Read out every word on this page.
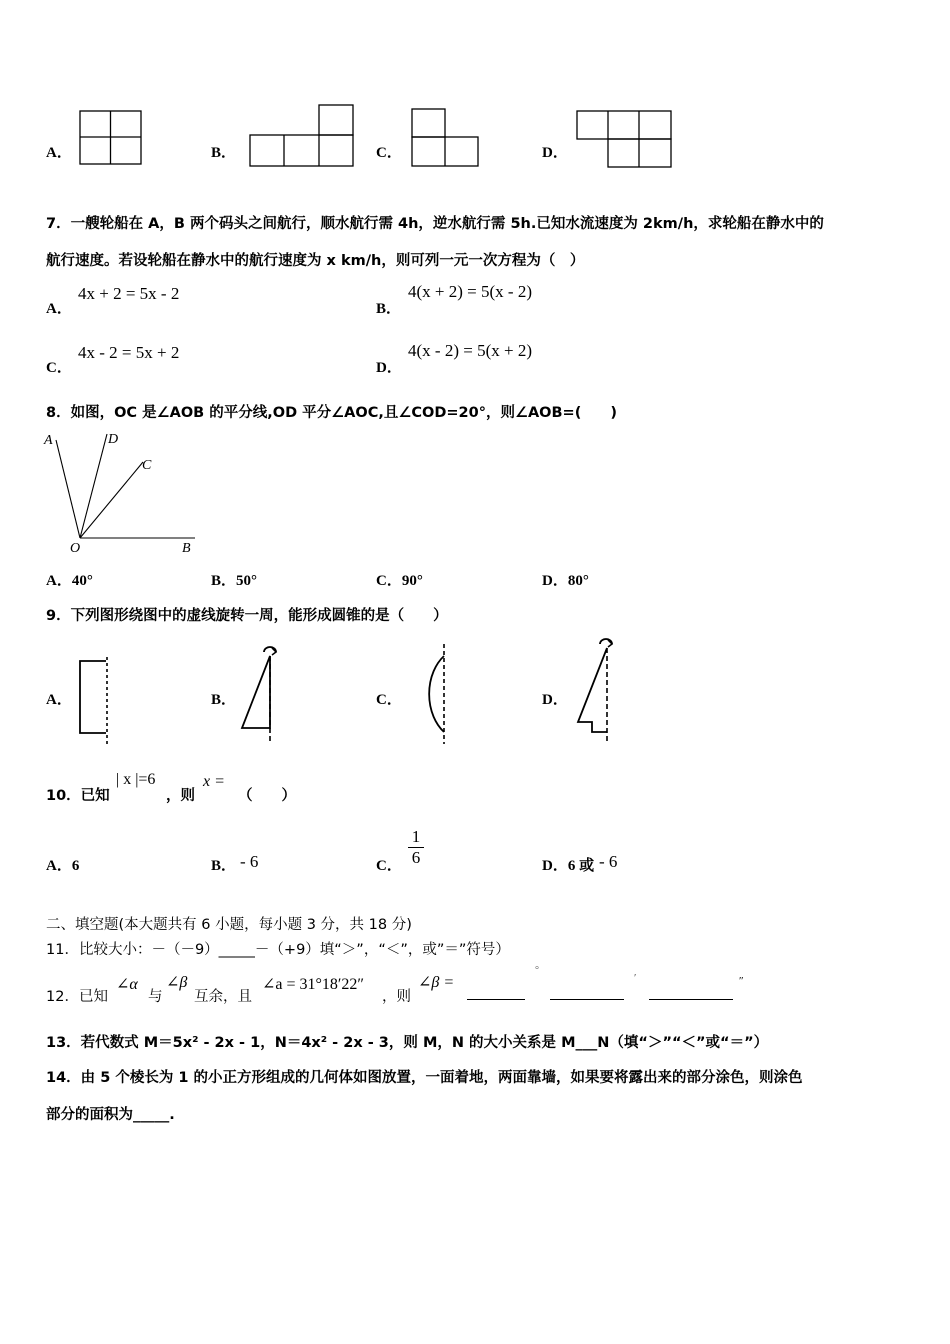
A．	B．	C．	D．
7．一艘轮船在 A，B 两个码头之间航行，顺水航行需 4h，逆水航行需 5h.已知水流速度为 2km/h，求轮船在静水中的
航行速度。若设轮船在静水中的航行速度为 x km/h，则可列一元一次方程为（　）
A．
4x + 2 = 5x - 2
B．
4(x + 2) = 5(x - 2)
C．
4x - 2 = 5x + 2
D．
4(x - 2) = 5(x + 2)
8．如图，OC 是∠AOB 的平分线,OD 平分∠AOC,且∠COD=20°，则∠AOB=(　　)
A	D
C
O	B
A．40°	B．50°	C．90°	D．80°
9．下列图形绕图中的虚线旋转一周，能形成圆锥的是（　　）
A．	B．	C．	D．
10．已知
| x |=6
，则
x =
（　　）
A．6	B． - 6	C．
1
6	D．6 或 - 6
二、填空题(本大题共有 6 小题，每小题 3 分，共 18 分)
11．比较大小：－（－9）_____－（+9）填“＞”，“＜”，或”＝”符号）
12．已知
∠α
与
∠β
互余，且
∠a = 31°18′22″
，则
∠β =
°
′	″
13．若代数式 M＝5x² - 2x - 1，N＝4x² - 2x - 3，则 M，N 的大小关系是 M___N（填“＞”“＜”或“＝”）
14．由 5 个棱长为 1 的小正方形组成的几何体如图放置，一面着地，两面靠墙，如果要将露出来的部分涂色，则涂色
部分的面积为_____.
